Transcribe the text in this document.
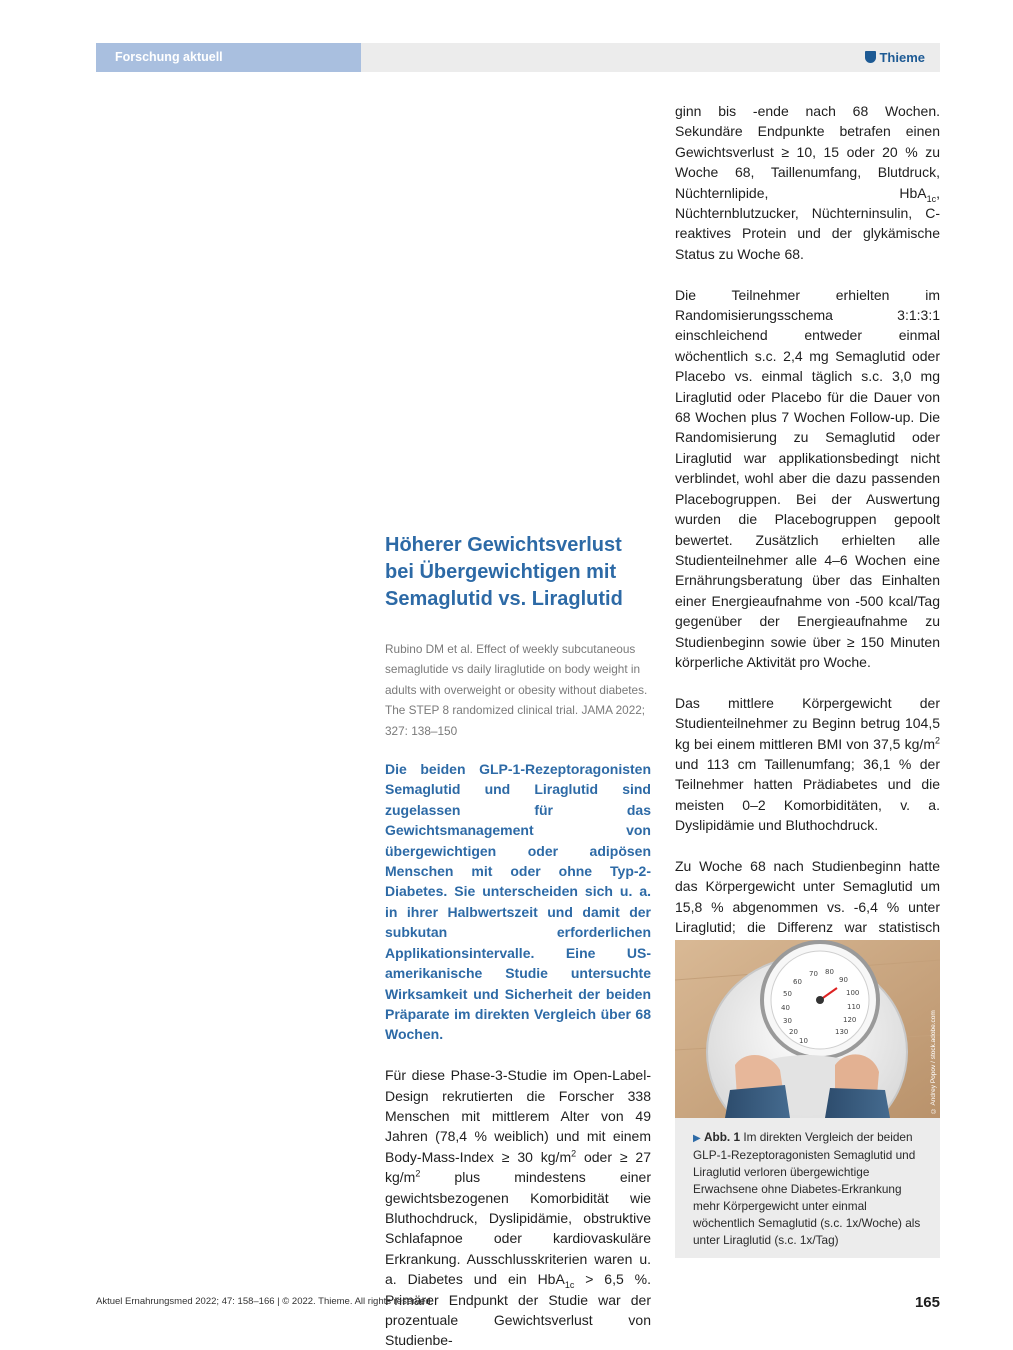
Forschung aktuell	Thieme
Höherer Gewichtsverlust bei Übergewichtigen mit Semaglutid vs. Liraglutid
Rubino DM et al. Effect of weekly subcutaneous semaglutide vs daily liraglutide on body weight in adults with overweight or obesity without diabetes. The STEP 8 randomized clinical trial. JAMA 2022; 327: 138–150

Die beiden GLP-1-Rezeptoragonisten Semaglutid und Liraglutid sind zugelassen für das Gewichtsmanagement von übergewichtigen oder adipösen Menschen mit oder ohne Typ-2-Diabetes. Sie unterscheiden sich u. a. in ihrer Halbwertszeit und damit der subkutan erforderlichen Applikationsintervalle. Eine US-amerikanische Studie untersuchte Wirksamkeit und Sicherheit der beiden Präparate im direkten Vergleich über 68 Wochen.

Für diese Phase-3-Studie im Open-Label-Design rekrutierten die Forscher 338 Menschen mit mittlerem Alter von 49 Jahren (78,4 % weiblich) und mit einem Body-Mass-Index ≥ 30 $kg/m^2$ oder ≥ 27 $kg/m^2$ plus mindestens einer gewichtsbezogenen Komorbidität wie Bluthochdruck, Dyslipidämie, obstruktive Schlafapnoe oder kardiovaskuläre Erkrankung. Ausschlusskriterien waren u. a. Diabetes und ein HbA$_{1c}$ > 6,5 %. Primärer Endpunkt der Studie war der prozentuale Gewichtsverlust von Studienbe-

ginn bis -ende nach 68 Wochen. Sekundäre Endpunkte betrafen einen Gewichtsverlust ≥ 10, 15 oder 20 % zu Woche 68, Taillenumfang, Blutdruck, Nüchternlipide, HbA$_{1c}$, Nüchternblutzucker, Nüchterninsulin, C-reaktives Protein und der glykämische Status zu Woche 68.

Die Teilnehmer erhielten im Randomisierungsschema 3:1:3:1 einschleichend entweder einmal wöchentlich s.c. 2,4 mg Semaglutid oder Placebo vs. einmal täglich s.c. 3,0 mg Liraglutid oder Placebo für die Dauer von 68 Wochen plus 7 Wochen Follow-up. Die Randomisierung zu Semaglutid oder Liraglutid war applikationsbedingt nicht verblindet, wohl aber die dazu passenden Placebogruppen. Bei der Auswertung wurden die Placebogruppen gepoolt bewertet. Zusätzlich erhielten alle Studienteilnehmer alle 4–6 Wochen eine Ernährungsberatung über das Einhalten einer Energieaufnahme von -500 kcal/Tag gegenüber der Energieaufnahme zu Studienbeginn sowie über ≥ 150 Minuten körperliche Aktivität pro Woche.

Das mittlere Körpergewicht der Studienteilnehmer zu Beginn betrug 104,5 kg bei einem mittleren BMI von 37,5 $kg/m^2$ und 113 cm Taillenumfang; 36,1 % der Teilnehmer hatten Prädiabetes und die meisten 0–2 Komorbiditäten, v. a. Dyslipidämie und Bluthochdruck.

Zu Woche 68 nach Studienbeginn hatte das Körpergewicht unter Semaglutid um 15,8 % abgenommen vs. -6,4 % unter Liraglutid; die Differenz war statistisch

60
70 80
90
100
110
120
130
50
40
30
20
10	© Andrey Popov / stock.adobe.com
▶ Abb. 1 Im direkten Vergleich der beiden GLP-1-Rezeptoragonisten Semaglutid und Liraglutid verloren übergewichtige Erwachsene ohne Diabetes-Erkrankung mehr Körpergewicht unter einmal wöchentlich Semaglutid (s.c. 1x/Woche) als unter Liraglutid (s.c. 1x/Tag)
Aktuel Ernahrungsmed 2022; 47: 158–166 | © 2022. Thieme. All rights reserved.	165
